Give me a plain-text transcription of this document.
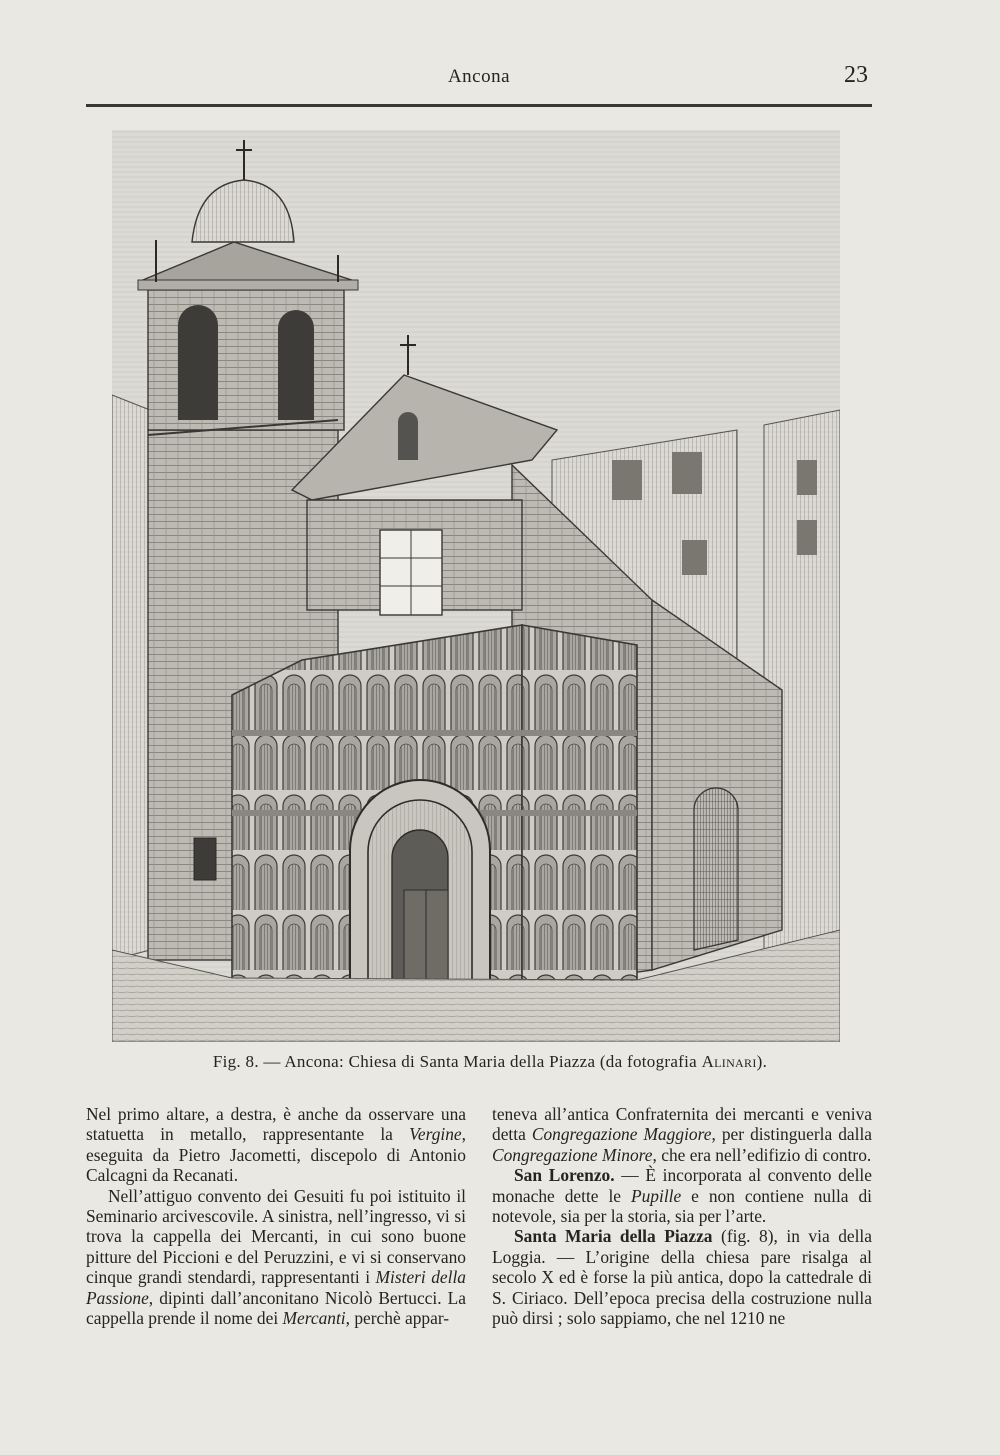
Ancona	23
Fig. 8. — Ancona: Chiesa di Santa Maria della Piazza (da fotografia Alinari).

Nel primo altare, a destra, è anche da osservare una statuetta in metallo, rappresentante la Vergine, eseguita da Pietro Jacometti, discepolo di Antonio Calcagni da Recanati.

Nell’attiguo convento dei Gesuiti fu poi istituito il Seminario arcivescovile. A sinistra, nell’ingresso, vi si trova la cappella dei Mercanti, in cui sono buone pitture del Piccioni e del Peruzzini, e vi si conservano cinque grandi stendardi, rappresentanti i Misteri della Passione, dipinti dall’anconitano Nicolò Bertucci. La cappella prende il nome dei Mercanti, perchè appar-

teneva all’antica Confraternita dei mercanti e veniva detta Congregazione Maggiore, per distinguerla dalla Congregazione Minore, che era nell’edifizio di contro.

San Lorenzo. — È incorporata al convento delle monache dette le Pupille e non contiene nulla di notevole, sia per la storia, sia per l’arte.

Santa Maria della Piazza (fig. 8), in via della Loggia. — L’origine della chiesa pare risalga al secolo X ed è forse la più antica, dopo la cattedrale di S. Ciriaco. Dell’epoca precisa della costruzione nulla può dirsi ; solo sappiamo, che nel 1210 ne
